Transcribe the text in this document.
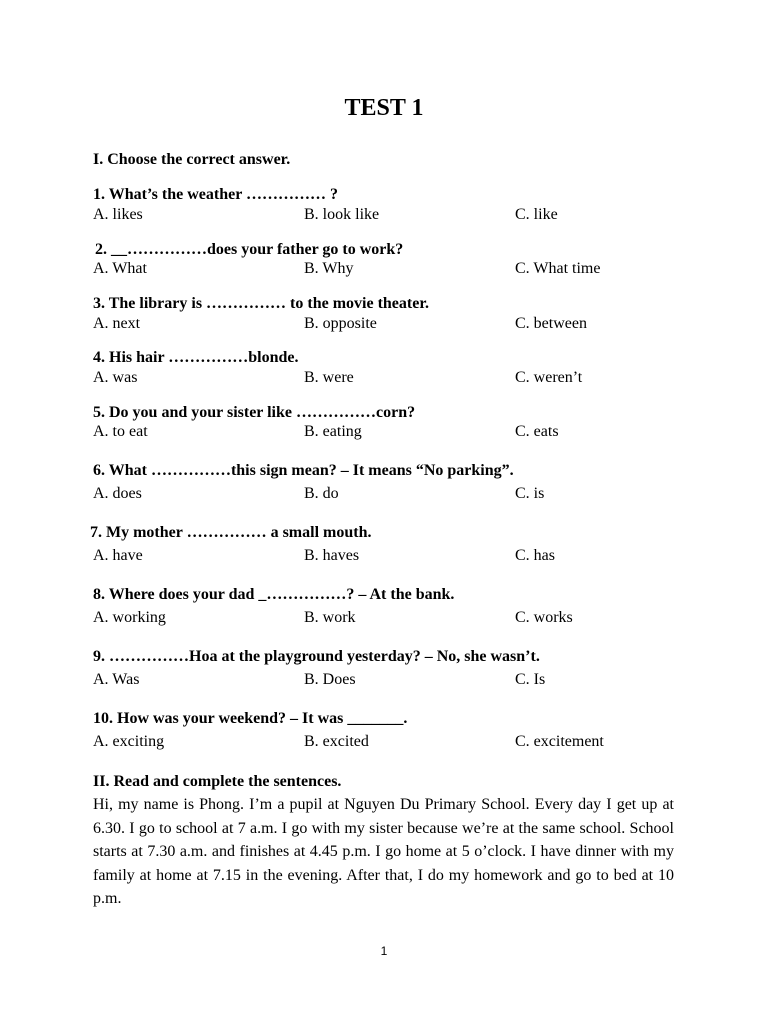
TEST 1
I. Choose the correct answer.
1. What’s the weather …………… ?
A. likes	B. look like	C. like
2. __……………does your father go to work?
A. What	B. Why	C. What time
3. The library is …………… to the movie theater.
A. next	B. opposite	C. between
4. His hair ……………blonde.
A. was	B. were	C. weren’t
5. Do you and your sister like ……………corn?
A. to eat	B. eating	C. eats
6. What ……………this sign mean? – It means “No parking”.
A. does	B. do	C. is
7. My mother …………… a small mouth.
A. have	B. haves	C. has
8. Where does your dad _……………? – At the bank.
A. working	B. work	C. works
9. ……………Hoa at the playground yesterday? – No, she wasn’t.
A. Was	B. Does	C. Is
10. How was your weekend? – It was _______.
A. exciting	B. excited	C. excitement
II. Read and complete the sentences.
Hi, my name is Phong. I’m a pupil at Nguyen Du Primary School. Every day I get up at 6.30. I go to school at 7 a.m. I go with my sister because we’re at the same school. School starts at 7.30 a.m. and finishes at 4.45 p.m. I go home at 5 o’clock. I have dinner with my family at home at 7.15 in the evening. After that, I do my homework and go to bed at 10 p.m.
1
